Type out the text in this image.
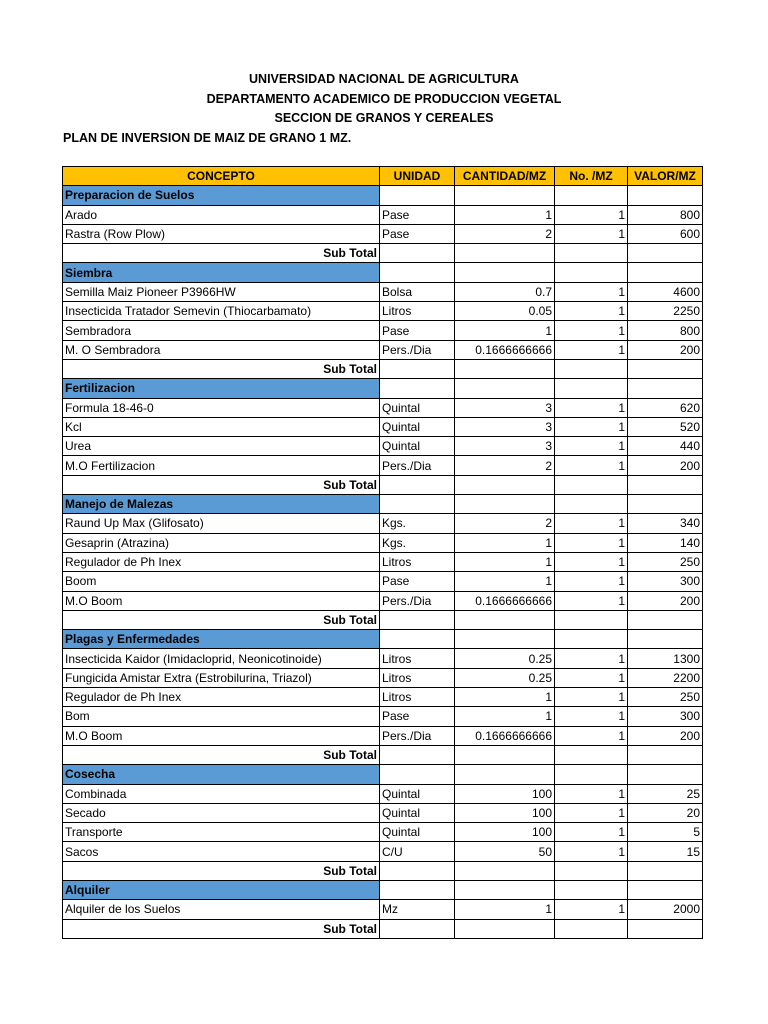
UNIVERSIDAD NACIONAL DE AGRICULTURA
DEPARTAMENTO ACADEMICO DE PRODUCCION VEGETAL
SECCION DE GRANOS Y CEREALES
PLAN DE INVERSION DE MAIZ DE GRANO 1 MZ.
CONCEPTO	UNIDAD	CANTIDAD/MZ	No. /MZ	VALOR/MZ
Preparacion de Suelos				
Arado	Pase	1	1	800
Rastra (Row Plow)	Pase	2	1	600
Sub Total				
Siembra				
Semilla Maiz Pioneer P3966HW	Bolsa	0.7	1	4600
Insecticida Tratador Semevin (Thiocarbamato)	Litros	0.05	1	2250
Sembradora	Pase	1	1	800
M. O Sembradora	Pers./Dia	0.1666666666	1	200
Sub Total				
Fertilizacion				
Formula 18-46-0	Quintal	3	1	620
Kcl	Quintal	3	1	520
Urea	Quintal	3	1	440
M.O Fertilizacion	Pers./Dia	2	1	200
Sub Total				
Manejo de Malezas				
Raund Up Max (Glifosato)	Kgs.	2	1	340
Gesaprin (Atrazina)	Kgs.	1	1	140
Regulador de Ph Inex	Litros	1	1	250
Boom	Pase	1	1	300
M.O Boom	Pers./Dia	0.1666666666	1	200
Sub Total				
Plagas y Enfermedades				
Insecticida Kaidor (Imidacloprid, Neonicotinoide)	Litros	0.25	1	1300
Fungicida Amistar Extra (Estrobilurina, Triazol)	Litros	0.25	1	2200
Regulador de Ph Inex	Litros	1	1	250
Bom	Pase	1	1	300
M.O Boom	Pers./Dia	0.1666666666	1	200
Sub Total				
Cosecha				
Combinada	Quintal	100	1	25
Secado	Quintal	100	1	20
Transporte	Quintal	100	1	5
Sacos	C/U	50	1	15
Sub Total				
Alquiler				
Alquiler de los Suelos	Mz	1	1	2000
Sub Total				
